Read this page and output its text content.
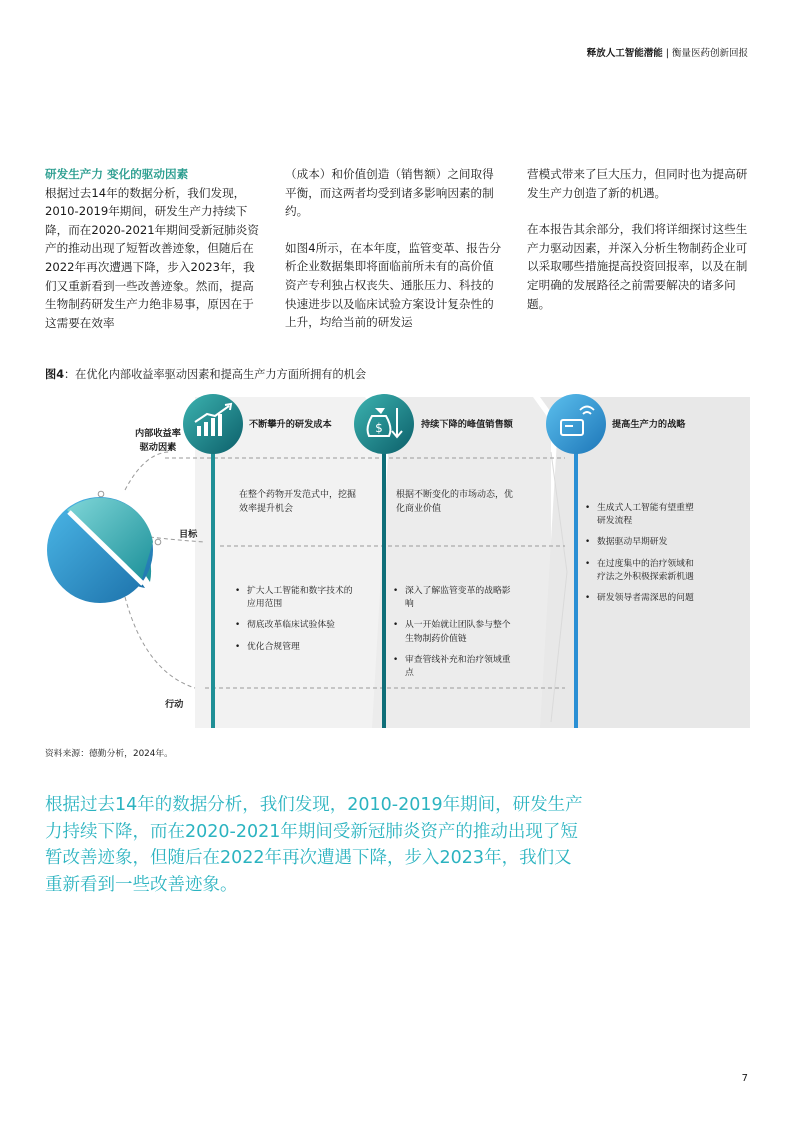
释放人工智能潜能 | 衡量医药创新回报
研发生产力 变化的驱动因素
根据过去14年的数据分析，我们发现，2010-2019年期间，研发生产力持续下降，而在2020-2021年期间受新冠肺炎资产的推动出现了短暂改善迹象，但随后在2022年再次遭遇下降，步入2023年，我们又重新看到一些改善迹象。然而，提高生物制药研发生产力绝非易事，原因在于这需要在效率

（成本）和价值创造（销售额）之间取得平衡，而这两者均受到诸多影响因素的制约。

如图4所示，在本年度，监管变革、报告分析企业数据集即将面临前所未有的高价值资产专利独占权丧失、通胀压力、科技的快速进步以及临床试验方案设计复杂性的上升，均给当前的研发运

营模式带来了巨大压力，但同时也为提高研发生产力创造了新的机遇。

在本报告其余部分，我们将详细探讨这些生产力驱动因素，并深入分析生物制药企业可以采取哪些措施提高投资回报率，以及在制定明确的发展路径之前需要解决的诸多问题。
图4：在优化内部收益率驱动因素和提高生产力方面所拥有的机会
$
内部收益率
驱动因素
目标
行动
不断攀升的研发成本	持续下降的峰值销售额	提高生产力的战略
在整个药物开发范式中，挖掘效率提升机会
根据不断变化的市场动态，优化商业价值
• 扩大人工智能和数字技术的应用范围
• 彻底改革临床试验体验
• 优化合规管理
• 深入了解监管变革的战略影响
• 从一开始就让团队参与整个生物制药价值链
• 审查管线补充和治疗领域重点
• 生成式人工智能有望重塑研发流程
• 数据驱动早期研发
• 在过度集中的治疗领域和疗法之外积极探索新机遇
• 研发领导者需深思的问题
资料来源：德勤分析，2024年。
根据过去14年的数据分析，我们发现，2010-2019年期间，研发生产力持续下降，而在2020-2021年期间受新冠肺炎资产的推动出现了短暂改善迹象，但随后在2022年再次遭遇下降，步入2023年，我们又重新看到一些改善迹象。
7
